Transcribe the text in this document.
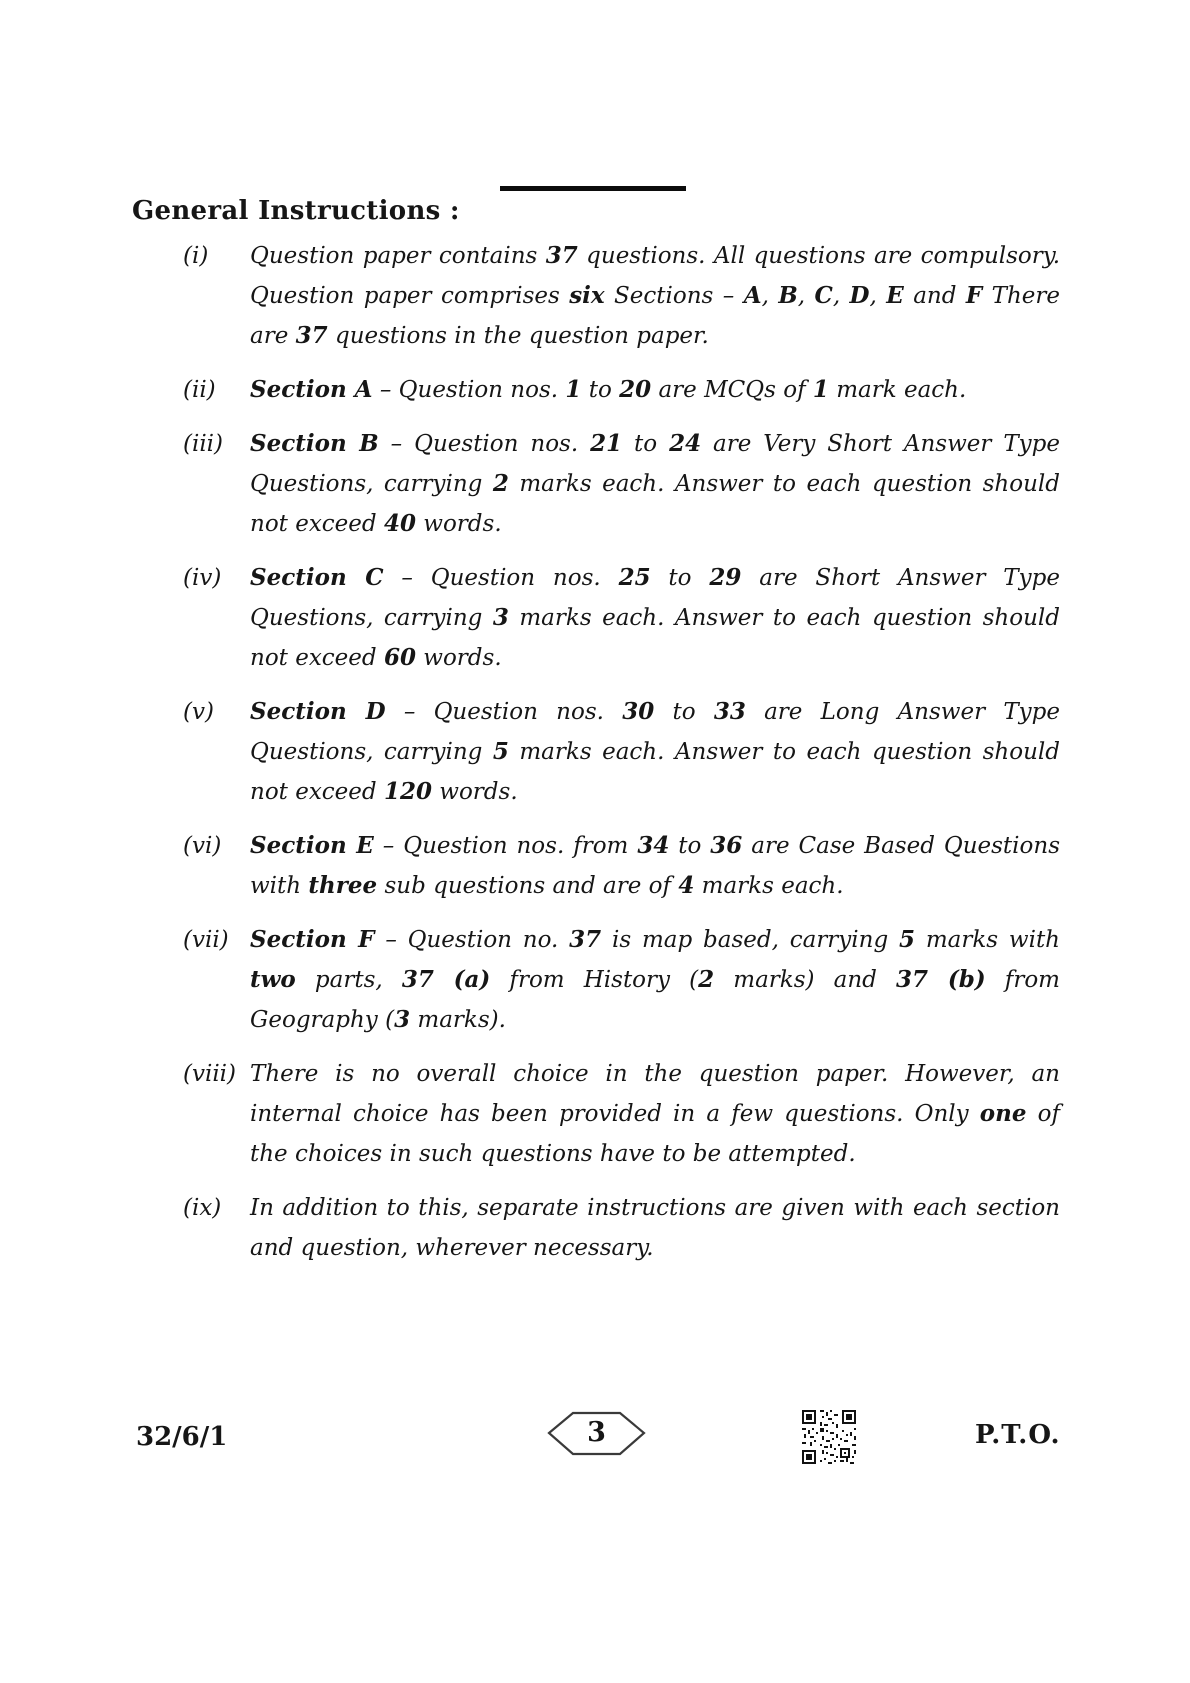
General Instructions :
(i)	Question paper contains 37 questions. All questions are compulsory. Question paper comprises six Sections – A, B, C, D, E and F There are 37 questions in the question paper.
(ii)	Section A – Question nos. 1 to 20 are MCQs of 1 mark each.
(iii)	Section B – Question nos. 21 to 24 are Very Short Answer Type Questions, carrying 2 marks each. Answer to each question should not exceed 40 words.
(iv)	Section C – Question nos. 25 to 29 are Short Answer Type Questions, carrying 3 marks each. Answer to each question should not exceed 60 words.
(v)	Section D – Question nos. 30 to 33 are Long Answer Type Questions, carrying 5 marks each. Answer to each question should not exceed 120 words.
(vi)	Section E – Question nos. from 34 to 36 are Case Based Questions with three sub questions and are of 4 marks each.
(vii) Section F – Question no. 37 is map based, carrying 5 marks with two parts, 37 (a) from History (2 marks) and 37 (b) from Geography (3 marks).
(viii) There is no overall choice in the question paper. However, an internal choice has been provided in a few questions. Only one of the choices in such questions have to be attempted.
(ix)	In addition to this, separate instructions are given with each section and question, wherever necessary.
32/6/1	3	P.T.O.
